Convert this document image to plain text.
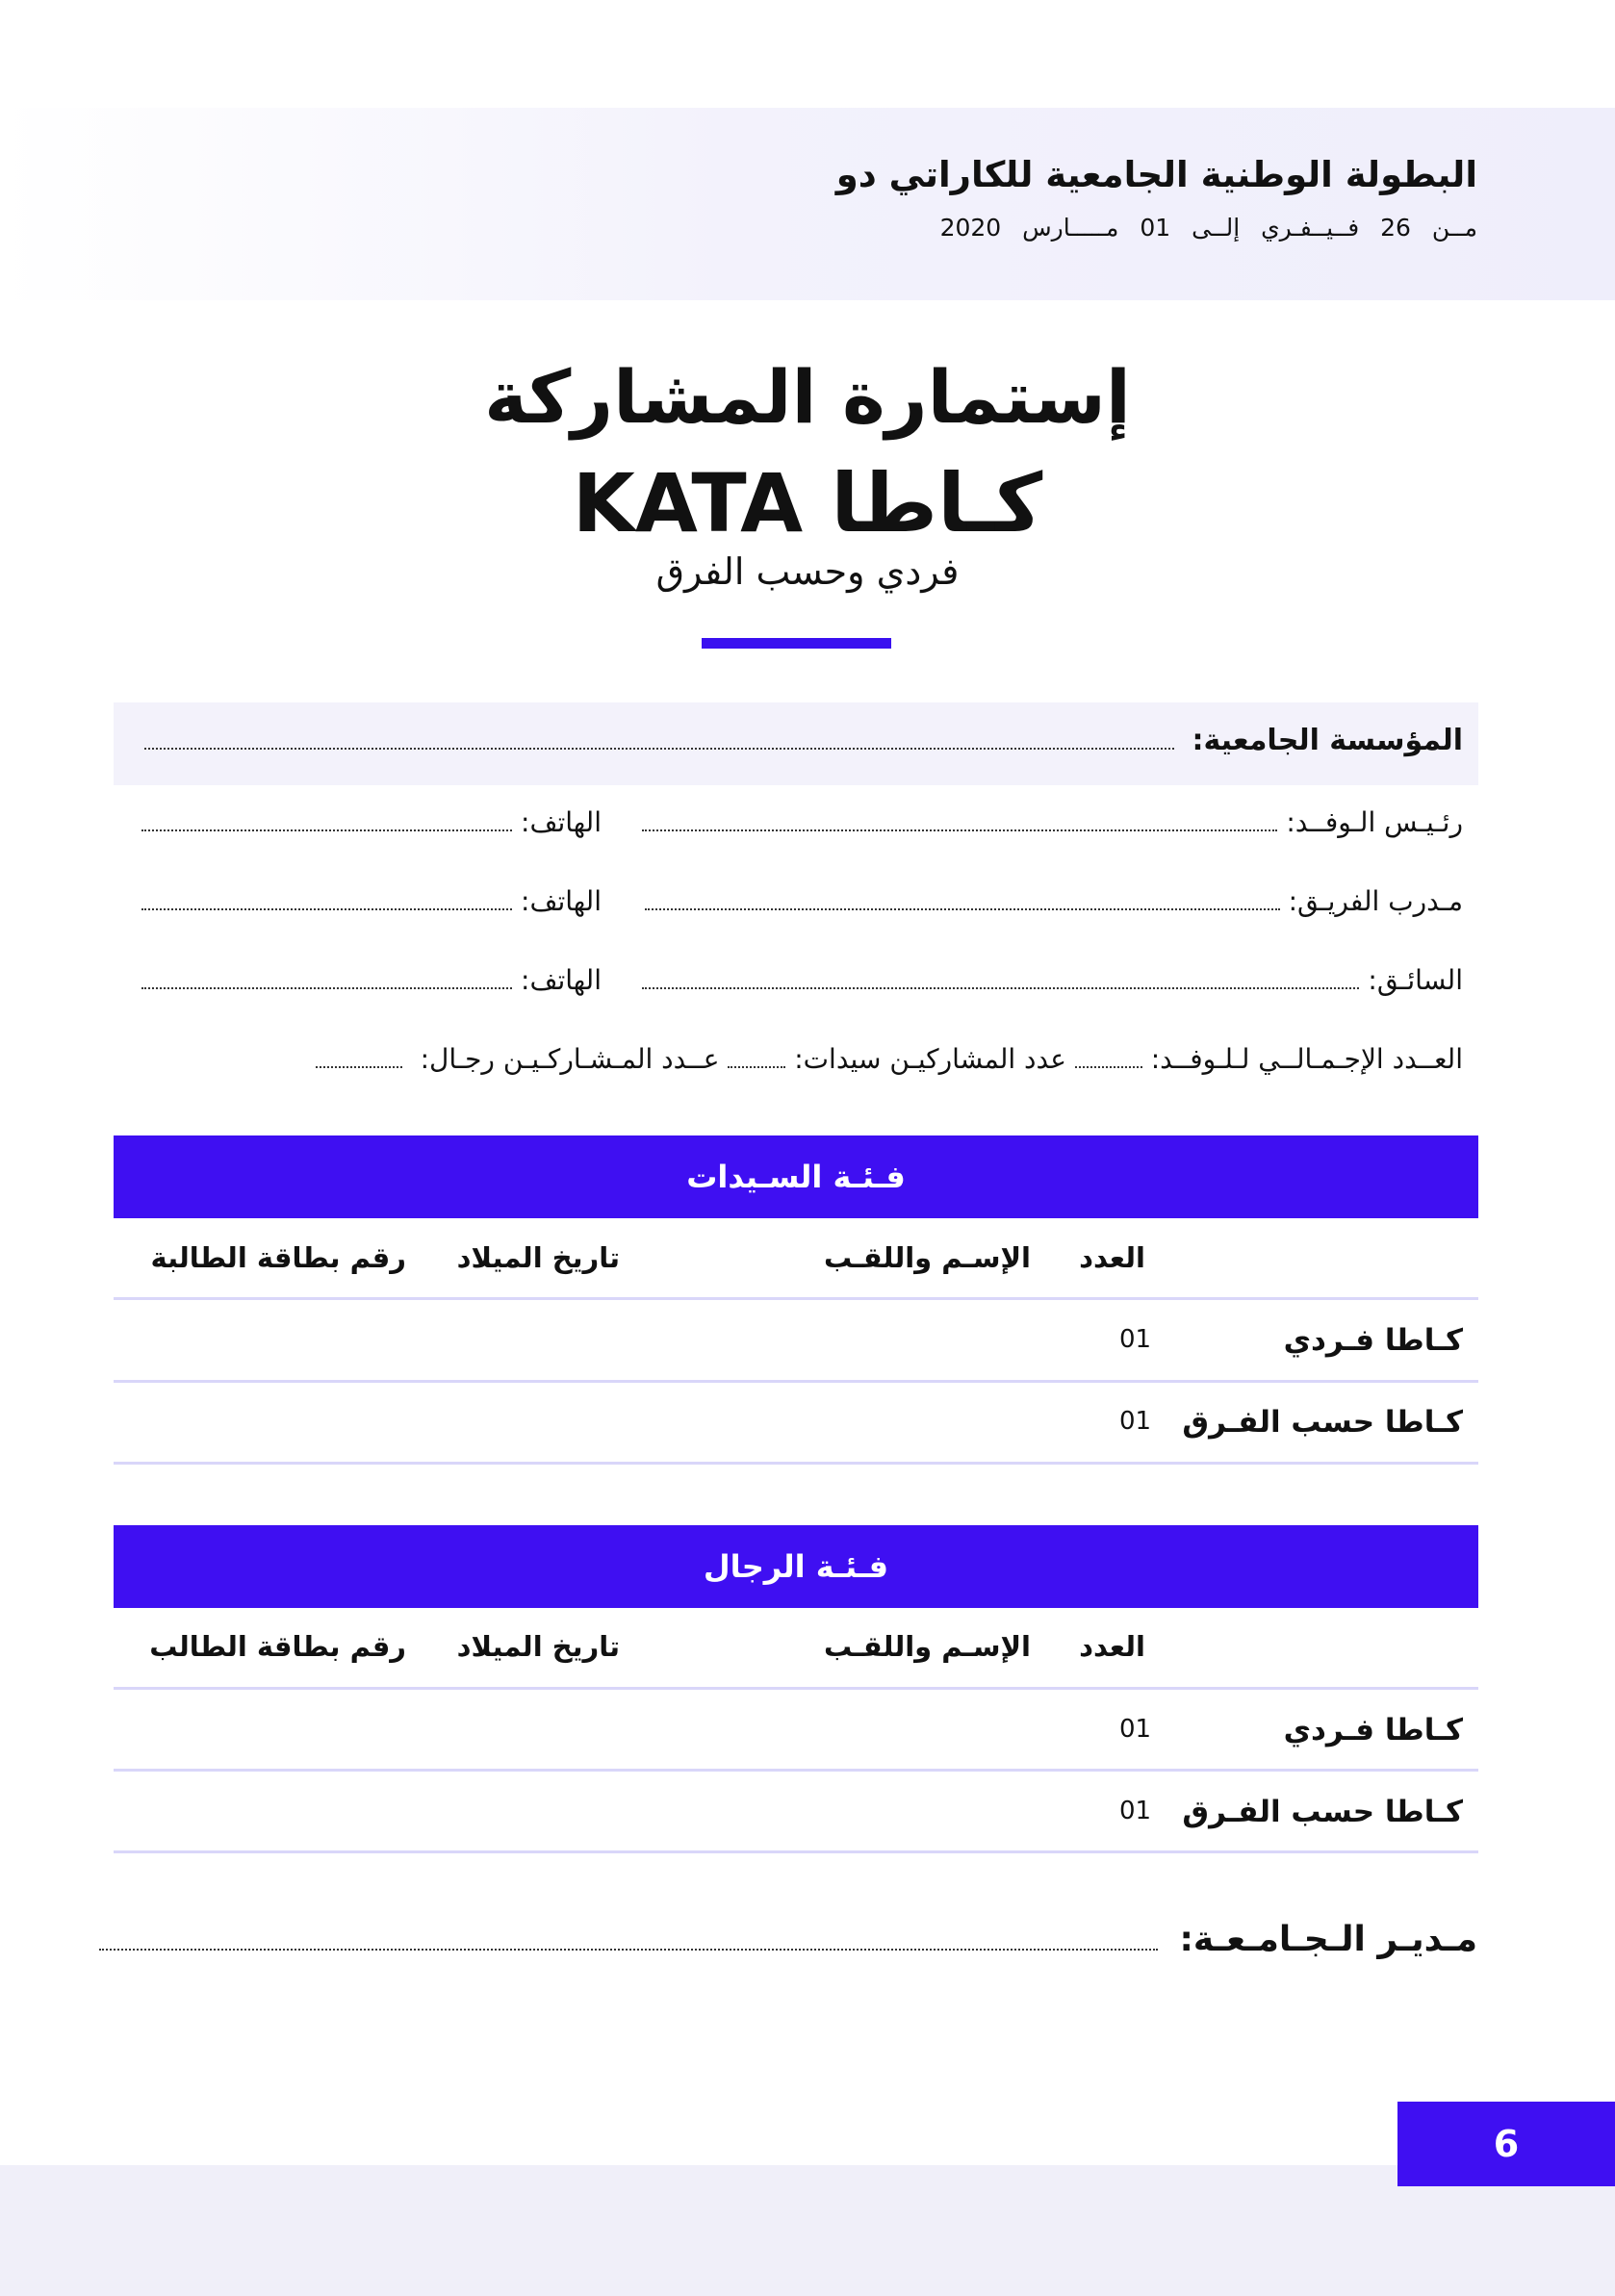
البطولة الوطنية الجامعية للكاراتي دو
مــن 26 فــيــفـري إلــى 01 مـــــارس 2020
إستمارة المشاركة
KATA كـاطا
فردي وحسب الفرق
المؤسسة الجامعية:
رئـيـس الـوفــد:
الهاتف:
مـدرب الفريـق:
الهاتف:
السائـق:
الهاتف:
العــدد الإجـمـالــي لـلـوفــد:  عدد المشاركيـن سيدات:  عــدد المـشـاركـيـن رجـال:
فـئـة السـيدات
العدد
الإسـم واللقـب
تاريخ الميلاد
رقم بطاقة الطالبة
كـاطا فـردي
01
كـاطا حسب الفـرق
01
فـئـة الرجال
العدد
الإسـم واللقـب
تاريخ الميلاد
رقم بطاقة الطالب
كـاطا فـردي
01
كـاطا حسب الفـرق
01
مـديـر الـجـامـعـة:
6
